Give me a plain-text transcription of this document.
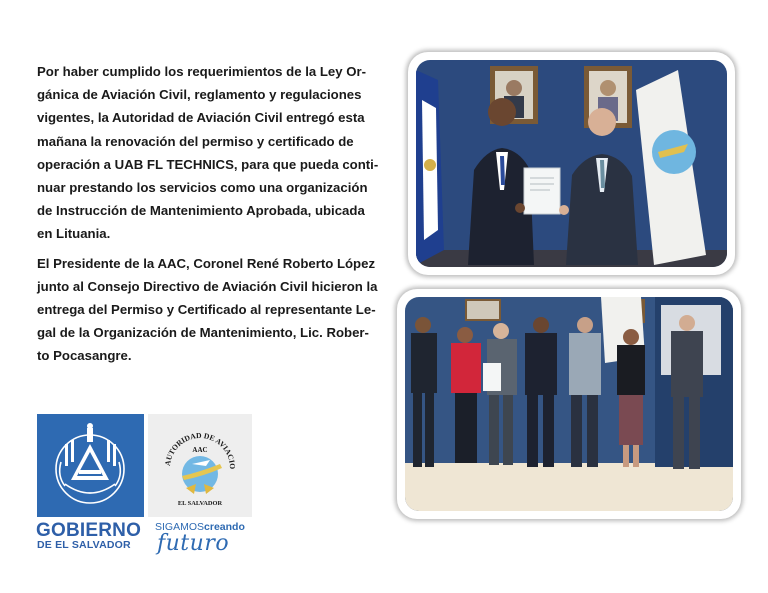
Por haber cumplido los requerimientos de la Ley Or-
gánica de Aviación Civil, reglamento y regulaciones
vigentes, la Autoridad de Aviación Civil entregó esta
mañana la renovación del permiso y certificado de
operación a UAB FL TECHNICS, para que pueda conti-
nuar prestando los servicios como una organización
de Instrucción de Mantenimiento Aprobada, ubicada
en Lituania.
El Presidente de la AAC, Coronel René Roberto López
junto al Consejo Directivo de Aviación Civil hicieron la
entrega del Permiso y Certificado al representante Le-
gal de la Organización de Mantenimiento, Lic. Rober-
to Pocasangre.
AUTORIDAD DE AVIACIO
AAC
EL SALVADOR
GOBIERNO
DE EL SALVADOR
SIGAMOScreando
futuro
